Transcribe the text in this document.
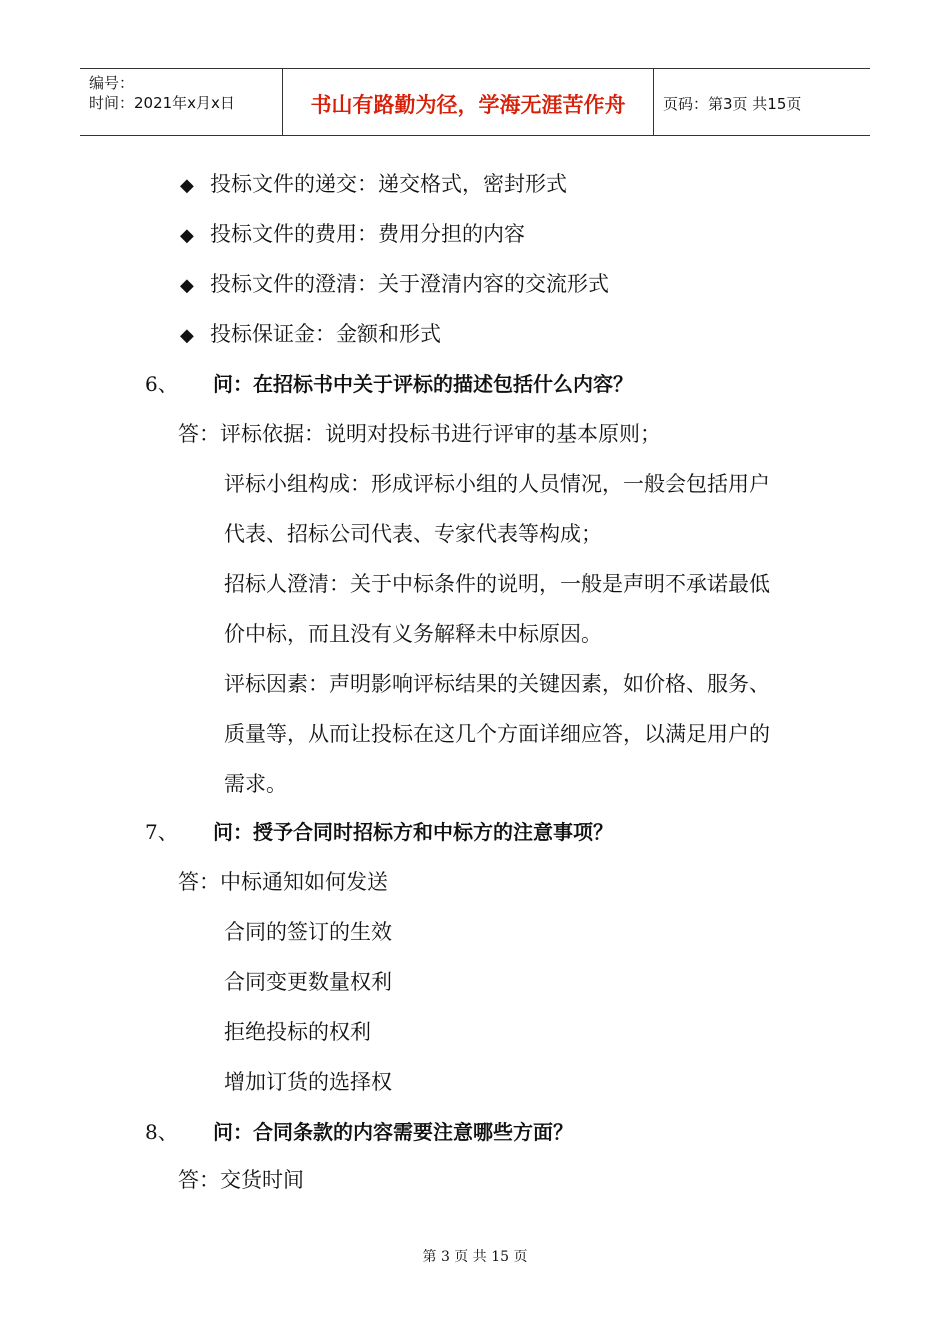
编号：
时间：2021年x月x日	书山有路勤为径，学海无涯苦作舟	页码：第3页 共15页
◆ 投标文件的递交：递交格式，密封形式
◆ 投标文件的费用：费用分担的内容
◆ 投标文件的澄清：关于澄清内容的交流形式
◆ 投标保证金：金额和形式
6、 问：在招标书中关于评标的描述包括什么内容？
答：评标依据：说明对投标书进行评审的基本原则；
评标小组构成：形成评标小组的人员情况，一般会包括用户
代表、招标公司代表、专家代表等构成；
招标人澄清：关于中标条件的说明，一般是声明不承诺最低
价中标，而且没有义务解释未中标原因。
评标因素：声明影响评标结果的关键因素，如价格、服务、
质量等，从而让投标在这几个方面详细应答，以满足用户的
需求。
7、 问：授予合同时招标方和中标方的注意事项？
答：中标通知如何发送
合同的签订的生效
合同变更数量权利
拒绝投标的权利
增加订货的选择权
8、 问：合同条款的内容需要注意哪些方面？
答：交货时间
第 3 页 共 15 页
